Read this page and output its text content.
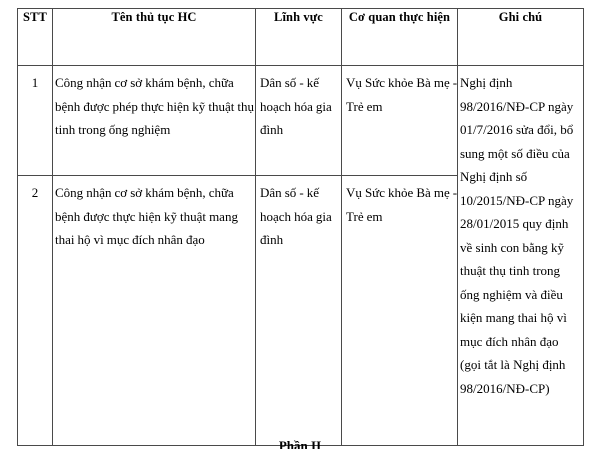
STT	Tên thủ tục HC	Lĩnh vực	Cơ quan thực hiện	Ghi chú

1	Công nhận cơ sở khám bệnh, chữa bệnh được phép thực hiện kỹ thuật thụ tinh trong ống nghiệm	Dân số - kế hoạch hóa gia đình	Vụ Sức khỏe Bà mẹ - Trẻ em	Nghị định 98/2016/NĐ-CP ngày 01/7/2016 sửa đổi, bổ sung một số điều của Nghị định số 10/2015/NĐ-CP ngày 28/01/2015 quy định về sinh con bằng kỹ thuật thụ tinh trong ống nghiệm và điều kiện mang thai hộ vì mục đích nhân đạo (gọi tắt là Nghị định 98/2016/NĐ-CP)

2	Công nhận cơ sở khám bệnh, chữa bệnh được thực hiện kỹ thuật mang thai hộ vì mục đích nhân đạo	Dân số - kế hoạch hóa gia đình	Vụ Sức khỏe Bà mẹ - Trẻ em	
Phần II
